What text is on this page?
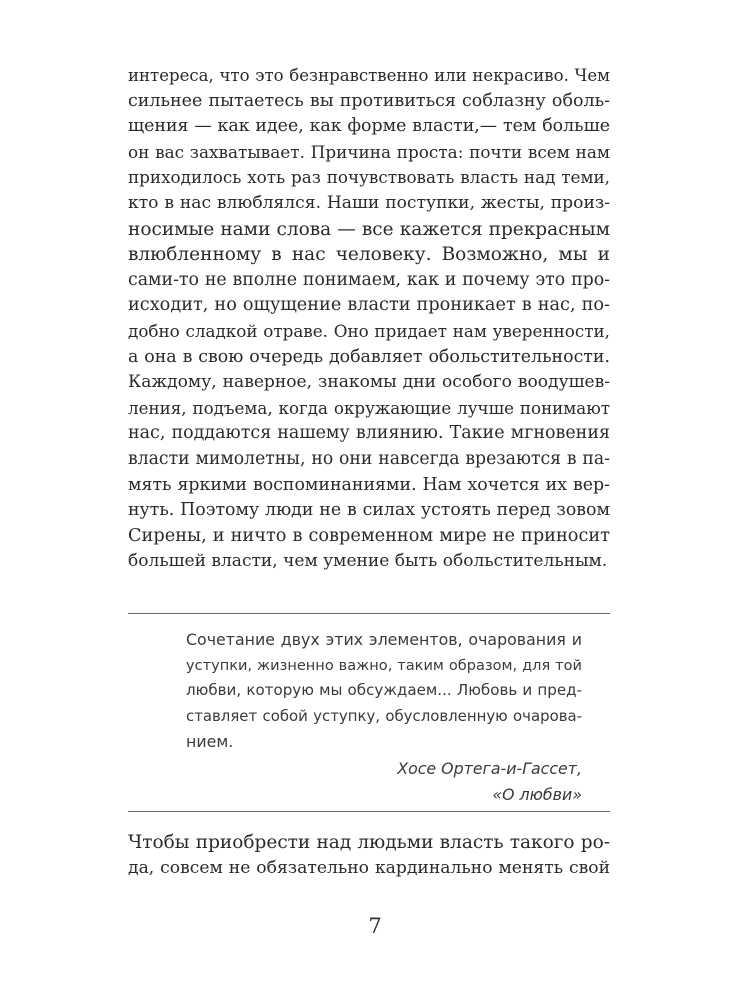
интереса, что это безнравственно или некрасиво. Чем
сильнее пытаетесь вы противиться соблазну оболь-
щения — как идее, как форме власти,— тем больше
он вас захватывает. Причина проста: почти всем нам
приходилось хоть раз почувствовать власть над теми,
кто в нас влюблялся. Наши поступки, жесты, произ-
носимые нами слова — все кажется прекрасным
влюбленному в нас человеку. Возможно, мы и
сами-то не вполне понимаем, как и почему это про-
исходит, но ощущение власти проникает в нас, по-
добно сладкой отраве. Оно придает нам уверенности,
а она в свою очередь добавляет обольстительности.
Каждому, наверное, знакомы дни особого воодушев-
ления, подъема, когда окружающие лучше понимают
нас, поддаются нашему влиянию. Такие мгновения
власти мимолетны, но они навсегда врезаются в па-
мять яркими воспоминаниями. Нам хочется их вер-
нуть. Поэтому люди не в силах устоять перед зовом
Сирены, и ничто в современном мире не приносит
большей власти, чем умение быть обольстительным.
Сочетание двух этих элементов, очарования и
уступки, жизненно важно, таким образом, для той
любви, которую мы обсуждаем... Любовь и пред-
ставляет собой уступку, обусловленную очарова-
нием.
Хосе Ортега-и-Гассет,
«О любви»
Чтобы приобрести над людьми власть такого ро-
да, совсем не обязательно кардинально менять свой
7
